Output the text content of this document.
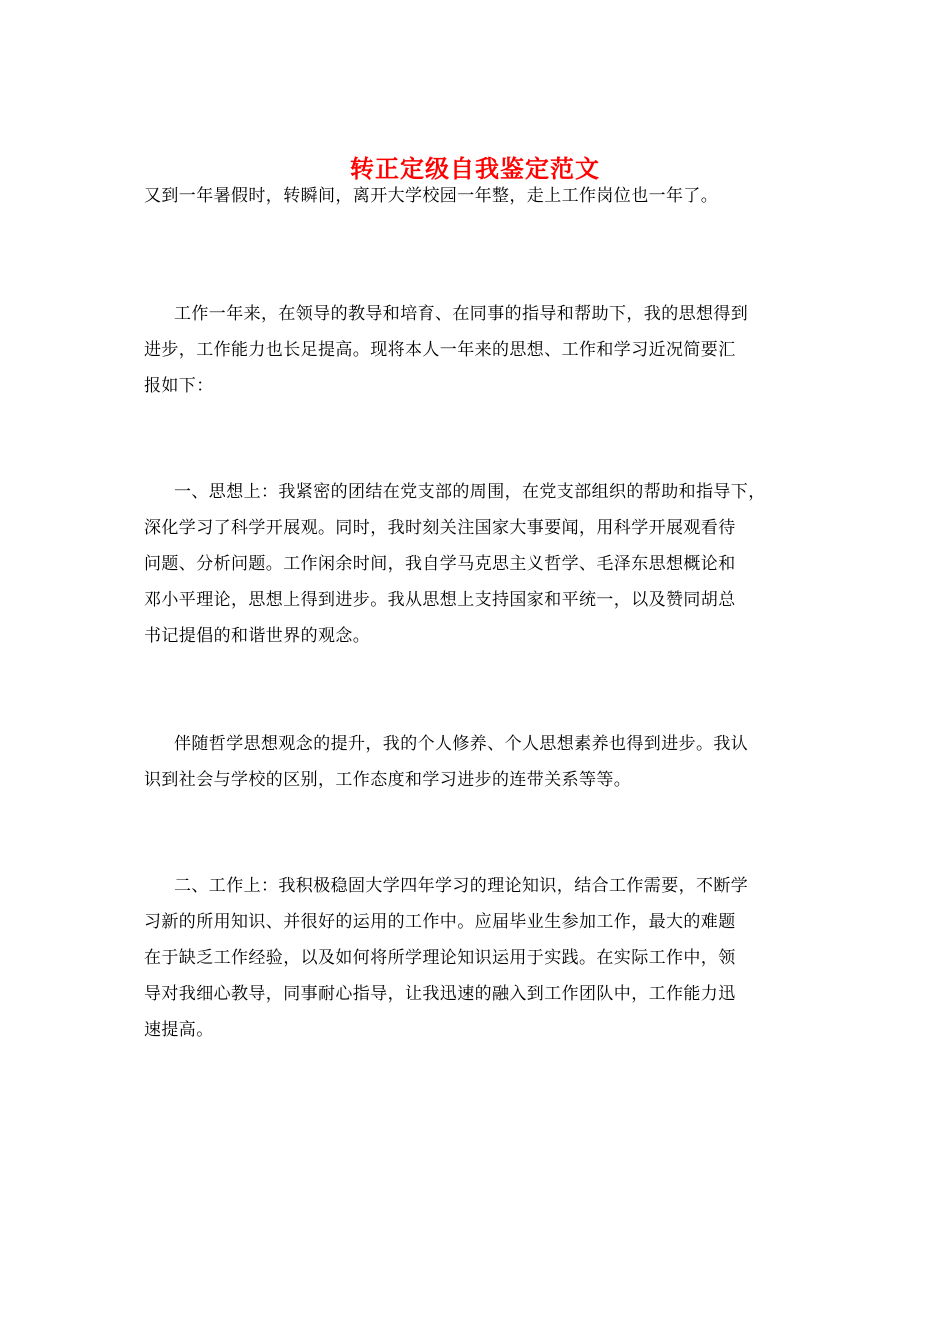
转正定级自我鉴定范文
又到一年暑假时，转瞬间，离开大学校园一年整，走上工作岗位也一年了。
工作一年来，在领导的教导和培育、在同事的指导和帮助下，我的思想得到
进步，工作能力也长足提高。现将本人一年来的思想、工作和学习近况简要汇
报如下：
一、思想上：我紧密的团结在党支部的周围，在党支部组织的帮助和指导下，
深化学习了科学开展观。同时，我时刻关注国家大事要闻，用科学开展观看待
问题、分析问题。工作闲余时间，我自学马克思主义哲学、毛泽东思想概论和
邓小平理论，思想上得到进步。我从思想上支持国家和平统一，以及赞同胡总
书记提倡的和谐世界的观念。
伴随哲学思想观念的提升，我的个人修养、个人思想素养也得到进步。我认
识到社会与学校的区别，工作态度和学习进步的连带关系等等。
二、工作上：我积极稳固大学四年学习的理论知识，结合工作需要，不断学
习新的所用知识、并很好的运用的工作中。应届毕业生参加工作，最大的难题
在于缺乏工作经验，以及如何将所学理论知识运用于实践。在实际工作中，领
导对我细心教导，同事耐心指导，让我迅速的融入到工作团队中，工作能力迅
速提高。
